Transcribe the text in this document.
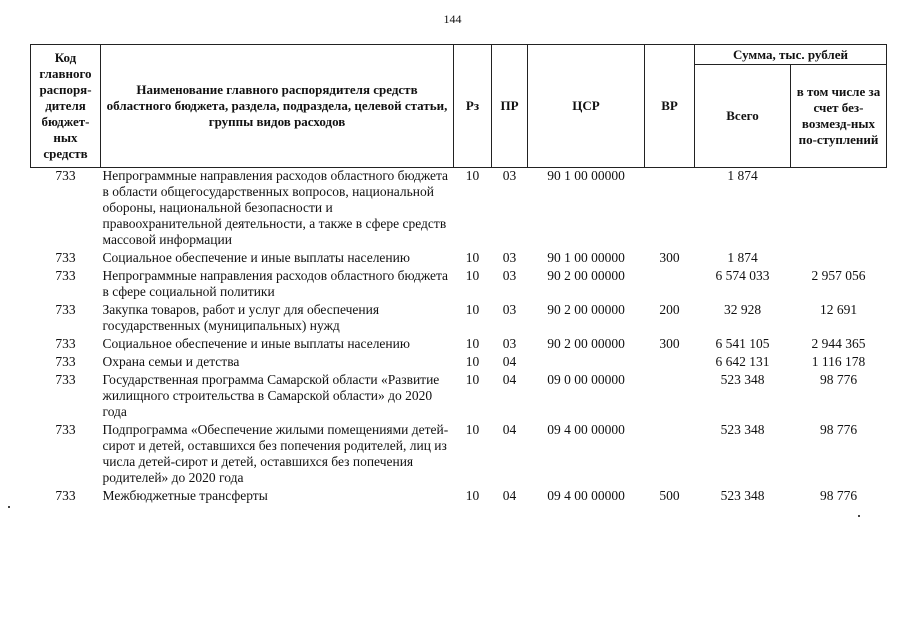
144
Код главного распоря-дителя бюджет-ных средств	Наименование главного распорядителя средств областного бюджета, раздела, подраздела, целевой статьи, группы видов расходов	Рз	ПР	ЦСР	ВР	Сумма, тыс. рублей	
						Всего	в том числе за счет без-возмезд-ных по-ступлений
733	Непрограммные направления расходов областного бюджета в области общегосударственных вопросов, национальной обороны, национальной безопасности и правоохранительной деятельности, а также в сфере средств массовой информации	10	03	90 1 00 00000		1 874	
733	Социальное обеспечение и иные выплаты населению	10	03	90 1 00 00000	300	1 874	
733	Непрограммные направления расходов областного бюджета в сфере социальной политики	10	03	90 2 00 00000		6 574 033	2 957 056
733	Закупка товаров, работ и услуг для обеспечения государственных (муниципальных) нужд	10	03	90 2 00 00000	200	32 928	12 691
733	Социальное обеспечение и иные выплаты населению	10	03	90 2 00 00000	300	6 541 105	2 944 365
733	Охрана семьи и детства	10	04			6 642 131	1 116 178
733	Государственная программа Самарской области «Развитие жилищного строительства в Самарской области» до 2020 года	10	04	09 0 00 00000		523 348	98 776
733	Подпрограмма «Обеспечение жилыми помещениями детей-сирот и детей, оставшихся без попечения родителей, лиц из числа детей-сирот и детей, оставшихся без попечения родителей» до 2020 года	10	04	09 4 00 00000		523 348	98 776
733	Межбюджетные трансферты	10	04	09 4 00 00000	500	523 348	98 776
